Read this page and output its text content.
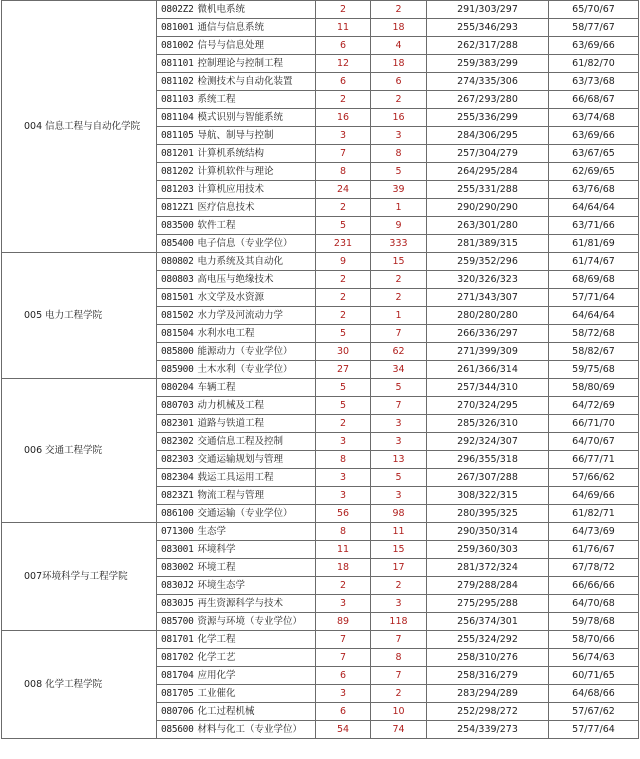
004 信息工程与自动化学院	0802Z2 微机电系统	2	2	291/303/297	65/70/67
	081001 通信与信息系统	11	18	255/346/293	58/77/67
	081002 信号与信息处理	6	4	262/317/288	63/69/66
	081101 控制理论与控制工程	12	18	259/383/299	61/82/70
	081102 检测技术与自动化装置	6	6	274/335/306	63/73/68
	081103 系统工程	2	2	267/293/280	66/68/67
	081104 模式识别与智能系统	16	16	255/336/299	63/74/68
	081105 导航、制导与控制	3	3	284/306/295	63/69/66
	081201 计算机系统结构	7	8	257/304/279	63/67/65
	081202 计算机软件与理论	8	5	264/295/284	62/69/65
	081203 计算机应用技术	24	39	255/331/288	63/76/68
	0812Z1 医疗信息技术	2	1	290/290/290	64/64/64
	083500 软件工程	5	9	263/301/280	63/71/66
	085400 电子信息（专业学位）	231	333	281/389/315	61/81/69
005 电力工程学院	080802 电力系统及其自动化	9	15	259/352/296	61/74/67
	080803 高电压与绝缘技术	2	2	320/326/323	68/69/68
	081501 水文学及水资源	2	2	271/343/307	57/71/64
	081502 水力学及河流动力学	2	1	280/280/280	64/64/64
	081504 水利水电工程	5	7	266/336/297	58/72/68
	085800 能源动力（专业学位）	30	62	271/399/309	58/82/67
	085900 土木水利（专业学位）	27	34	261/366/314	59/75/68
006 交通工程学院	080204 车辆工程	5	5	257/344/310	58/80/69
	080703 动力机械及工程	5	7	270/324/295	64/72/69
	082301 道路与铁道工程	2	3	285/326/310	66/71/70
	082302 交通信息工程及控制	3	3	292/324/307	64/70/67
	082303 交通运输规划与管理	8	13	296/355/318	66/77/71
	082304 载运工具运用工程	3	5	267/307/288	57/66/62
	0823Z1 物流工程与管理	3	3	308/322/315	64/69/66
	086100 交通运输（专业学位）	56	98	280/395/325	61/82/71
007环境科学与工程学院	071300 生态学	8	11	290/350/314	64/73/69
	083001 环境科学	11	15	259/360/303	61/76/67
	083002 环境工程	18	17	281/372/324	67/78/72
	0830J2 环境生态学	2	2	279/288/284	66/66/66
	0830J5 再生资源科学与技术	3	3	275/295/288	64/70/68
	085700 资源与环境（专业学位）	89	118	256/374/301	59/78/68
008 化学工程学院	081701 化学工程	7	7	255/324/292	58/70/66
	081702 化学工艺	7	8	258/310/276	56/74/63
	081704 应用化学	6	7	258/316/279	60/71/65
	081705 工业催化	3	2	283/294/289	64/68/66
	080706 化工过程机械	6	10	252/298/272	57/67/62
	085600 材料与化工（专业学位）	54	74	254/339/273	57/77/64
